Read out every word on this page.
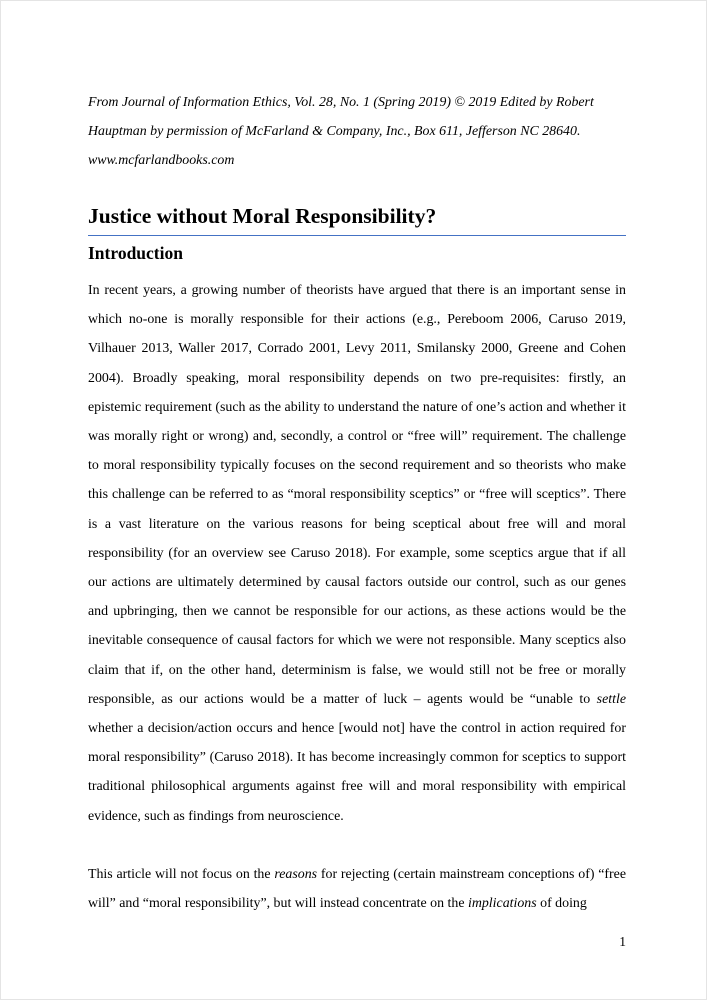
From Journal of Information Ethics, Vol. 28, No. 1 (Spring 2019) © 2019 Edited by Robert Hauptman by permission of McFarland & Company, Inc., Box 611, Jefferson NC 28640. www.mcfarlandbooks.com

Justice without Moral Responsibility?
Introduction

In recent years, a growing number of theorists have argued that there is an important sense in which no-one is morally responsible for their actions (e.g., Pereboom 2006, Caruso 2019, Vilhauer 2013, Waller 2017, Corrado 2001, Levy 2011, Smilansky 2000, Greene and Cohen 2004). Broadly speaking, moral responsibility depends on two pre-requisites: firstly, an epistemic requirement (such as the ability to understand the nature of one’s action and whether it was morally right or wrong) and, secondly, a control or “free will” requirement. The challenge to moral responsibility typically focuses on the second requirement and so theorists who make this challenge can be referred to as “moral responsibility sceptics” or “free will sceptics”. There is a vast literature on the various reasons for being sceptical about free will and moral responsibility (for an overview see Caruso 2018). For example, some sceptics argue that if all our actions are ultimately determined by causal factors outside our control, such as our genes and upbringing, then we cannot be responsible for our actions, as these actions would be the inevitable consequence of causal factors for which we were not responsible. Many sceptics also claim that if, on the other hand, determinism is false, we would still not be free or morally responsible, as our actions would be a matter of luck – agents would be “unable to settle whether a decision/action occurs and hence [would not] have the control in action required for moral responsibility” (Caruso 2018). It has become increasingly common for sceptics to support traditional philosophical arguments against free will and moral responsibility with empirical evidence, such as findings from neuroscience.

This article will not focus on the reasons for rejecting (certain mainstream conceptions of) “free will” and “moral responsibility”, but will instead concentrate on the implications of doing

1
